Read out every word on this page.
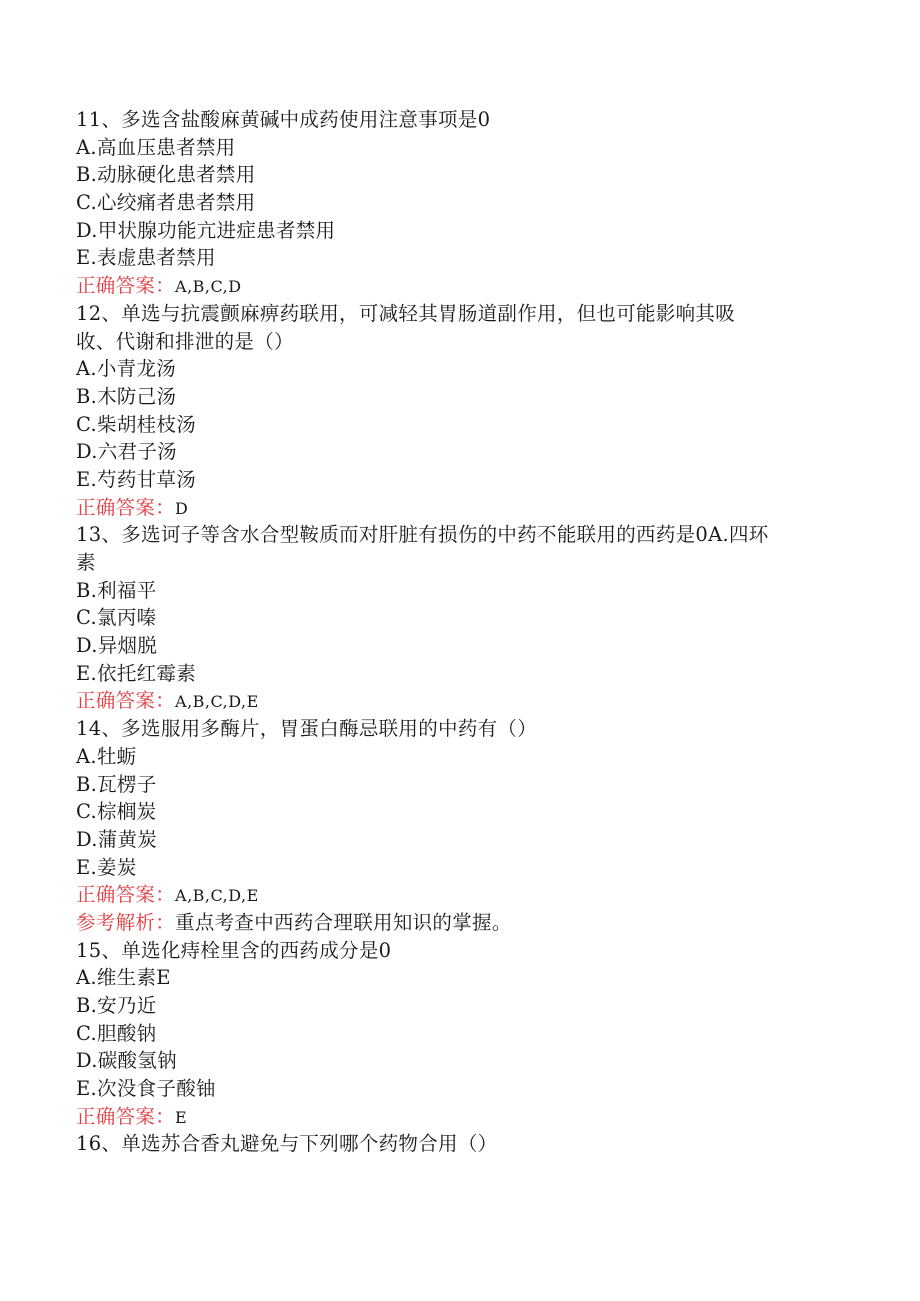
11、多选含盐酸麻黄碱中成药使用注意事项是0
A.高血压患者禁用
B.动脉硬化患者禁用
C.心绞痛者患者禁用
D.甲状腺功能亢进症患者禁用
E.表虚患者禁用
正确答案：A,B,C,D
12、单选与抗震颤麻痹药联用，可减轻其胃肠道副作用，但也可能影响其吸
收、代谢和排泄的是（）
A.小青龙汤
B.木防己汤
C.柴胡桂枝汤
D.六君子汤
E.芍药甘草汤
正确答案：D
13、多选诃子等含水合型鞍质而对肝脏有损伤的中药不能联用的西药是0A.四环
素
B.利福平
C.氯丙嗪
D.异烟脱
E.依托红霉素
正确答案：A,B,C,D,E
14、多选服用多酶片，胃蛋白酶忌联用的中药有（）
A.牡蛎
B.瓦楞子
C.棕榈炭
D.蒲黄炭
E.姜炭
正确答案：A,B,C,D,E
参考解析：重点考查中西药合理联用知识的掌握。
15、单选化痔栓里含的西药成分是0
A.维生素E
B.安乃近
C.胆酸钠
D.碳酸氢钠
E.次没食子酸铀
正确答案：E
16、单选苏合香丸避免与下列哪个药物合用（）
